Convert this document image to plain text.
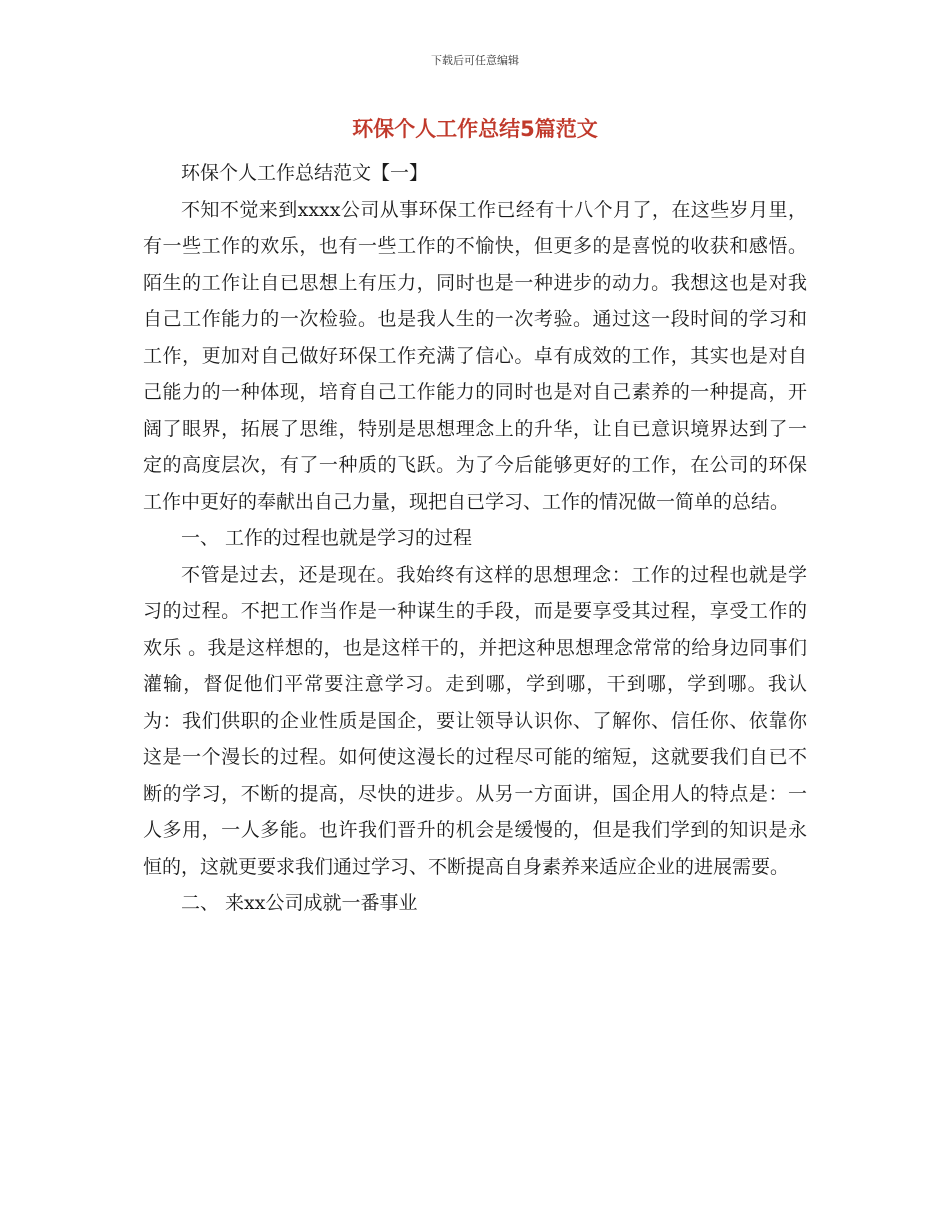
下载后可任意编辑
环保个人工作总结5篇范文

环保个人工作总结范文【一】

不知不觉来到xxxx公司从事环保工作已经有十八个月了，在这些岁月里，有一些工作的欢乐，也有一些工作的不愉快，但更多的是喜悦的收获和感悟。陌生的工作让自已思想上有压力，同时也是一种进步的动力。我想这也是对我自己工作能力的一次检验。也是我人生的一次考验。通过这一段时间的学习和工作，更加对自己做好环保工作充满了信心。卓有成效的工作，其实也是对自己能力的一种体现，培育自己工作能力的同时也是对自己素养的一种提高，开阔了眼界，拓展了思维，特别是思想理念上的升华，让自已意识境界达到了一定的高度层次，有了一种质的飞跃。为了今后能够更好的工作，在公司的环保工作中更好的奉献出自己力量，现把自已学习、工作的情况做一简单的总结。

一、 工作的过程也就是学习的过程

不管是过去，还是现在。我始终有这样的思想理念：工作的过程也就是学习的过程。不把工作当作是一种谋生的手段，而是要享受其过程，享受工作的欢乐 。我是这样想的，也是这样干的，并把这种思想理念常常的给身边同事们灌输，督促他们平常要注意学习。走到哪，学到哪，干到哪，学到哪。我认为：我们供职的企业性质是国企，要让领导认识你、了解你、信任你、依靠你这是一个漫长的过程。如何使这漫长的过程尽可能的缩短，这就要我们自已不断的学习，不断的提高，尽快的进步。从另一方面讲，国企用人的特点是：一人多用，一人多能。也许我们晋升的机会是缓慢的，但是我们学到的知识是永恒的，这就更要求我们通过学习、不断提高自身素养来适应企业的进展需要。

二、 来xx公司成就一番事业
